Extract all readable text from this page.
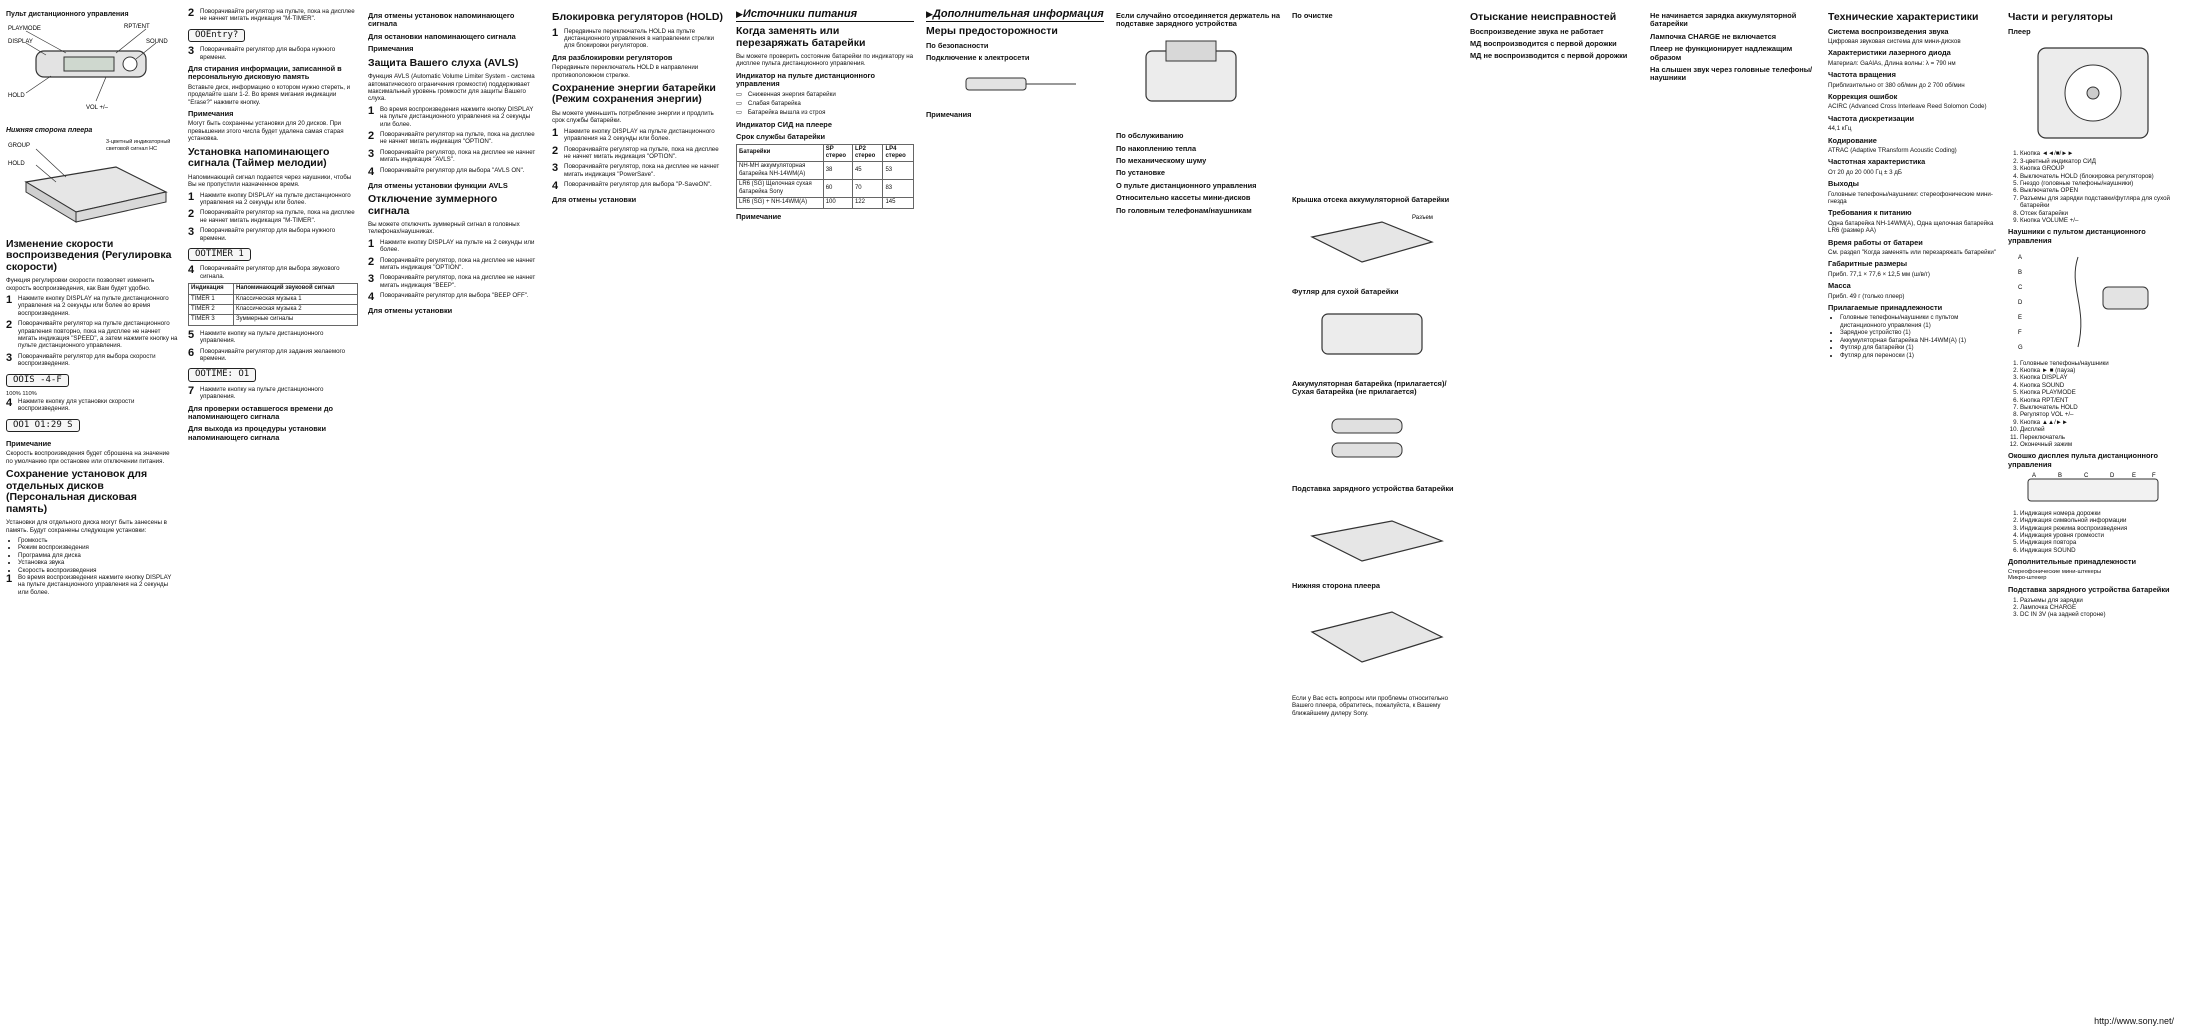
Пульт дистанционного управления
PLAYMODE
DISPLAY
RPT/ENT
SOUND
HOLD
VOL +/–
Нижняя сторона плеера
GROUP
HOLD
3-цветный индикаторный световой сигнал НС
Изменение скорости воспроизведения (Регулировка скорости)

Функция регулировки скорости позволяет изменить скорость воспроизведения, как Вам будет удобно.

1 Нажмите кнопку DISPLAY на пульте дистанционного управления на 2 секунды или более во время воспроизведения.
2 Поворачивайте регулятор на пульте дистанционного управления повторно, пока на дисплее не начнет мигать индикация "SPEED", а затем нажмите кнопку на пульте дистанционного управления.
3 Поворачивайте регулятор для выбора скорости воспроизведения.
OOIS -4-F
100% 110%
4 Нажмите кнопку для установки скорости воспроизведения.
OO1 O1:29 S
Примечание

Скорость воспроизведения будет сброшена на значение по умолчанию при остановке или отключении питания.

Сохранение установок для отдельных дисков (Персональная дисковая память)

Установки для отдельного диска могут быть занесены в память. Будут сохранены следующие установки:

• Громкость
• Режим воспроизведения
• Программа для диска
• Установка звука
• Скорость воспроизведения
1 Во время воспроизведения нажмите кнопку DISPLAY на пульте дистанционного управления на 2 секунды или более.
2 Поворачивайте регулятор на пульте, пока на дисплее не начнет мигать индикация "M-TIMER".
OOEntry?
3 Поворачивайте регулятор для выбора нужного времени.
Для стирания информации, записанной в персональную дисковую память

Вставьте диск, информацию о котором нужно стереть, и проделайте шаги 1-2. Во время мигания индикации "Erase?" нажмите кнопку.

Примечания

Могут быть сохранены установки для 20 дисков. При превышении этого числа будет удалена самая старая установка.

Установка напоминающего сигнала (Таймер мелодии)

Напоминающий сигнал подается через наушники, чтобы Вы не пропустили назначенное время.

1 Нажмите кнопку DISPLAY на пульте дистанционного управления на 2 секунды или более.
2 Поворачивайте регулятор на пульте, пока на дисплее не начнет мигать индикация "M-TIMER".
3 Поворачивайте регулятор для выбора нужного времени.
OOTIMER 1
4 Поворачивайте регулятор для выбора звукового сигнала.
Индикация	Напоминающий звуковой сигнал
TIMER 1	Классическая музыка 1
TIMER 2	Классическая музыка 2
TIMER 3	Зуммерные сигналы
5 Нажмите кнопку на пульте дистанционного управления.
6 Поворачивайте регулятор для задания желаемого времени.
OOTIME: O1
7 Нажмите кнопку на пульте дистанционного управления.
Для проверки оставшегося времени до напоминающего сигнала
Для выхода из процедуры установки напоминающего сигнала
Для отмены установок напоминающего сигнала
Для остановки напоминающего сигнала
Примечания
Защита Вашего слуха (AVLS)

Функция AVLS (Automatic Volume Limiter System - система автоматического ограничения громкости) поддерживает максимальный уровень громкости для защиты Вашего слуха.

1 Во время воспроизведения нажмите кнопку DISPLAY на пульте дистанционного управления на 2 секунды или более.
2 Поворачивайте регулятор на пульте, пока на дисплее не начнет мигать индикация "OPTION".
3 Поворачивайте регулятор, пока на дисплее не начнет мигать индикация "AVLS".
4 Поворачивайте регулятор для выбора "AVLS ON".
Для отмены установки функции AVLS
Отключение зуммерного сигнала

Вы можете отключить зуммерный сигнал в головных телефонах/наушниках.

1 Нажмите кнопку DISPLAY на пульте на 2 секунды или более.
2 Поворачивайте регулятор, пока на дисплее не начнет мигать индикация "OPTION".
3 Поворачивайте регулятор, пока на дисплее не начнет мигать индикация "BEEP".
4 Поворачивайте регулятор для выбора "BEEP OFF".
Для отмены установки
Блокировка регуляторов (HOLD)
1 Передвиньте переключатель HOLD на пульте дистанционного управления в направлении стрелки для блокировки регуляторов.
Для разблокировки регуляторов

Передвиньте переключатель HOLD в направлении противоположном стрелке.

Сохранение энергии батарейки (Режим сохранения энергии)

Вы можете уменьшить потребление энергии и продлить срок службы батарейки.

1 Нажмите кнопку DISPLAY на пульте дистанционного управления на 2 секунды или более.
2 Поворачивайте регулятор на пульте, пока на дисплее не начнет мигать индикация "OPTION".
3 Поворачивайте регулятор, пока на дисплее не начнет мигать индикация "PowerSave".
4 Поворачивайте регулятор для выбора "P-SaveON".
Для отмены установки
▶Источники питания
Когда заменять или перезаряжать батарейки

Вы можете проверить состояние батарейки по индикатору на дисплее пульта дистанционного управления.

Индикатор на пульте дистанционного управления
▭ Сниженная энергия батарейки
▭ Слабая батарейка
▭ Батарейка вышла из строя
Индикатор СИД на плеере
Срок службы батарейки
Батарейки	SP стерео	LP2 стерео	LP4 стерео
NH-MH аккумуляторная батарейка NH-14WM(A)	38	45	53
LR6 (SG) Щелочная сухая батарейка Sony	60	70	83
LR6 (SG) + NH-14WM(A)	100	122	145
Примечание
▶Дополнительная информация
Меры предосторожности
По безопасности
Подключение к электросети
Примечания
Если случайно отсоединяется держатель на подставке зарядного устройства
По обслуживанию
По накоплению тепла
По механическому шуму
По установке
О пульте дистанционного управления
Относительно кассеты мини-дисков
По головным телефонам/наушникам
По очистке
Крышка отсека аккумуляторной батарейки
Разъем
Футляр для сухой батарейки
Аккумуляторная батарейка (прилагается)/Сухая батарейка (не прилагается)
Подставка зарядного устройства батарейки
Нижняя сторона плеера

Если у Вас есть вопросы или проблемы относительно Вашего плеера, обратитесь, пожалуйста, к Вашему ближайшему дилеру Sony.

Отыскание неисправностей
Воспроизведение звука не работает
МД воспроизводится с первой дорожки
МД не воспроизводится с первой дорожки
Не начинается зарядка аккумуляторной батарейки
Лампочка CHARGE не включается
Плеер не функционирует надлежащим образом
На слышен звук через головные телефоны/наушники
Технические характеристики
Система воспроизведения звука
Цифровая звуковая система для мини-дисков
Характеристики лазерного диода
Материал: GaAlAs, Длина волны: λ = 790 нм
Частота вращения
Приблизительно от 380 об/мин до 2 700 об/мин
Коррекция ошибок
ACIRC (Advanced Cross Interleave Reed Solomon Code)
Частота дискретизации
44,1 кГц
Кодирование
ATRAC (Adaptive TRansform Acoustic Coding)
Частотная характеристика
От 20 до 20 000 Гц ± 3 дБ
Выходы
Головные телефоны/наушники: стереофонические мини-гнезда
Требования к питанию
Одна батарейка NH-14WM(A), Одна щелочная батарейка LR6 (размер AA)
Время работы от батареи
См. раздел "Когда заменять или перезаряжать батарейки"
Габаритные размеры
Прибл. 77,1 × 77,6 × 12,5 мм (ш/в/г)
Масса
Прибл. 49 г (только плеер)
Прилагаемые принадлежности
• Головные телефоны/наушники с пультом дистанционного управления (1)
• Зарядное устройство (1)
• Аккумуляторная батарейка NH-14WM(A) (1)
• Футляр для батарейки (1)
• Футляр для переноски (1)
Части и регуляторы
Плеер
1. Кнопка ◄◄/■/►►
2. 3-цветный индикатор СИД
3. Кнопка GROUP
4. Выключатель HOLD (блокировка регуляторов)
5. Гнездо (головные телефоны/наушники)
6. Выключатель OPEN
7. Разъемы для зарядки подставки/футляра для сухой батарейки
8. Отсек батарейки
9. Кнопка VOLUME +/–
Наушники с пультом дистанционного управления
A
B
C
D
E
F
G
1. Головные телефоны/наушники
2. Кнопка ► ■ (пауза)
3. Кнопка DISPLAY
4. Кнопка SOUND
5. Кнопка PLAYMODE
6. Кнопка RPT/ENT
7. Выключатель HOLD
8. Регулятор VOL +/–
9. Кнопка ▲▲/►►
10. Дисплей
11. Переключатель
12. Оконечный зажим
Окошко дисплея пульта дистанционного управления
A	B	C	D	E	F
1. Индикация номера дорожки
2. Индикация символьной информации
3. Индикация режима воспроизведения
4. Индикация уровня громкости
5. Индикация повтора
6. Индикация SOUND
Дополнительные принадлежности
Стереофонические мини-штекеры
Микро-штекер
Подставка зарядного устройства батарейки
1. Разъемы для зарядки
2. Лампочка CHARGE
3. DC IN 3V (на задней стороне)
http://www.sony.net/
